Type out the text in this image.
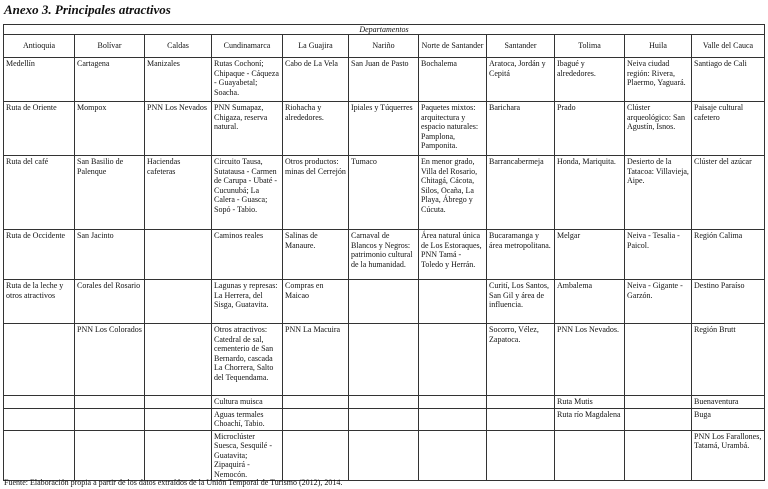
Anexo 3. Principales atractivos
Departamentos										
Antioquia	Bolívar	Caldas	Cundinamarca	La Guajira	Nariño	Norte de Santander	Santander	Tolima	Huila	Valle del Cauca
Medellín	Cartagena	Manizales	Rutas Cochoní; Chipaque - Cáqueza - Guayabetal; Soacha.	Cabo de La Vela	San Juan de Pasto	Bochalema	Aratoca, Jordán y Cepitá	Ibagué y alrededores.	Neiva ciudad región: Rivera, Plaermo, Yaguará.	Santiago de Cali
Ruta de Oriente	Mompox	PNN Los Nevados	PNN Sumapaz, Chigaza, reserva natural.	Riohacha y alrededores.	Ipiales y Túquerres	Paquetes mixtos: arquitectura y espacio naturales: Pamplona, Pamponita.	Barichara	Prado	Clúster arqueológico: San Agustín, Isnos.	Paisaje cultural cafetero
Ruta del café	San Basilio de Palenque	Haciendas cafeteras	Circuito Tausa, Sutatausa - Carmen de Carupa - Ubaté - Cucunubá; La Calera - Guasca; Sopó - Tabio.	Otros productos: minas del Cerrejón	Tumaco	En menor grado, Villa del Rosario, Chitagá, Cácota, Silos, Ocaña, La Playa, Ábrego y Cúcuta.	Barrancabermeja	Honda, Mariquita.	Desierto de la Tatacoa: Villavieja, Aipe.	Clúster del azúcar
Ruta de Occidente	San Jacinto		Caminos reales	Salinas de Manaure.	Carnaval de Blancos y Negros: patrimonio cultural de la humanidad.	Área natural única de Los Estoraques, PNN Tamá - Toledo y Herrán.	Bucaramanga y área metropolitana.	Melgar	Neiva - Tesalia - Paicol.	Región Calima
Ruta de la leche y otros atractivos	Corales del Rosario		Lagunas y represas: La Herrera, del Sisga, Guatavita.	Compras en Maicao			Curití, Los Santos, San Gil y área de influencia.	Ambalema	Neiva - Gigante - Garzón.	Destino Paraíso
	PNN Los Colorados		Otros atractivos: Catedral de sal, cementerio de San Bernardo, cascada La Chorrera, Salto del Tequendama.	PNN La Macuira			Socorro, Vélez, Zapatoca.	PNN Los Nevados.		Región Brutt
			Cultura muisca					Ruta Mutis		Buenaventura
			Aguas termales Choachí, Tabio.					Ruta río Magdalena		Buga
			Microclúster Suesca, Sesquilé - Guatavita; Zipaquirá - Nemocón.							PNN Los Farallones, Tatamá, Urambá.
Fuente: Elaboración propia a partir de los datos extraídos de la Unión Temporal de Turismo (2012), 2014.
